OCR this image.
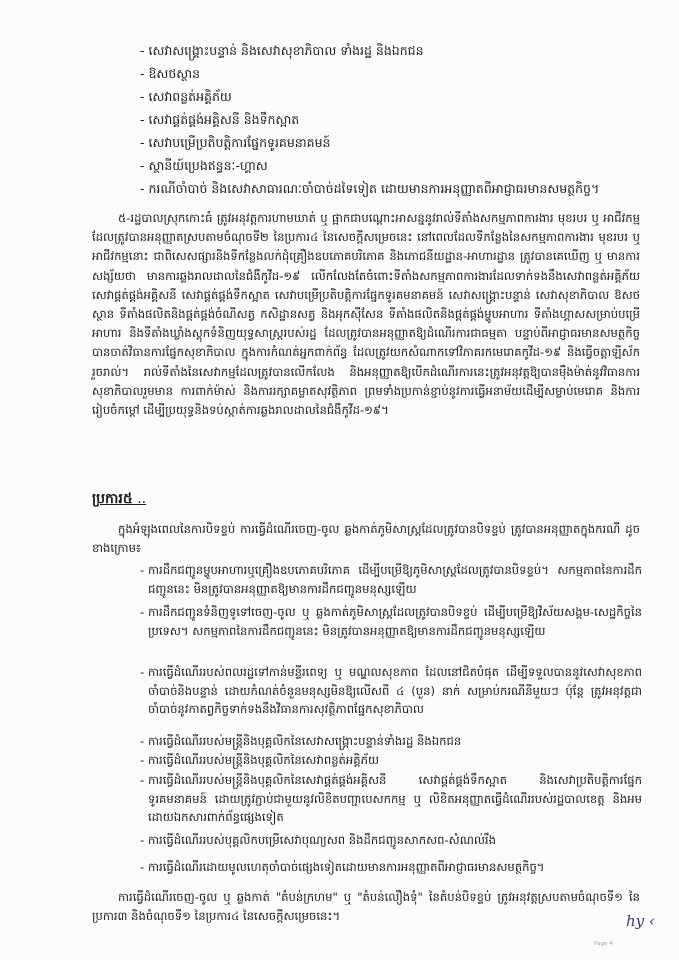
- សេវាសង្គ្រោះបន្ទាន់ និងសេវាសុខាភិបាល ទាំងរដ្ឋ និងឯកជន
- ឱសថស្ថាន
- សេវាពន្លត់អគ្គិភ័យ
- សេវាផ្គត់ផ្គង់អគ្គិសនី និងទឹកស្អាត
- សេវាបម្រើប្រតិបត្តិការផ្នែកទូរគមនាគមន៍
- ស្ថានីយ៍ប្រេងឥន្ធនៈ-ហ្គាស
- ករណីចាំបាច់ និងសេវាសាធារណៈចាំបាច់ដទៃទៀត ដោយមានការអនុញ្ញាតពីអាជ្ញាធរមានសមត្ថកិច្ច។
៥-រដ្ឋបាលស្រុកកោះធំ ត្រូវអនុវត្តការហាមឃាត់ ឬ ផ្អាកជាបណ្តោះអាសន្ននូវរាល់ទីតាំងសកម្មភាពការងារ មុខរបរ ឬ អាជីវកម្ម ដែលត្រូវបានអនុញ្ញាតស្របតាមចំណុចទី២ នៃប្រការ៤ នៃសេចក្តីសម្រេចនេះ នៅពេលដែលទីកន្លែងនៃសកម្មភាពការងារ មុខរបរ ឬ អាជីវកម្មនោះ ជាពិសេសផ្សារនិងទីកន្លែងលក់ដុំគ្រឿងឧបភោគបរិភោគ និងភោជនីយដ្ឋាន-អាហារដ្ឋាន ត្រូវបានគេឃើញ ឬ មានការសង្ស័យថា មានការឆ្លងរាលដាលនៃជំងឺកូវីដ-១៩ លើកលែងតែចំពោះទីតាំងសកម្មភាពការងារដែលទាក់ទងនឹងសេវាពន្លត់អគ្គិភ័យ សេវាផ្គត់ផ្គង់អគ្គិសនី សេវាផ្គត់ផ្គង់ទឹកស្អាត សេវាបម្រើប្រតិបត្តិការផ្នែកទូរគមនាគមន៍ សេវាសង្គ្រោះបន្ទាន់ សេវាសុខាភិបាល ឱសថស្ថាន ទីតាំងផលិតនិងផ្គត់ផ្គង់ចំណីសត្វ កសិដ្ឋានសត្វ និងអុកស៊ីសែន ទីតាំងផលិតនិងផ្គត់ផ្គង់ម្ហូបអាហារ ទីតាំងហ្គាសសម្រាប់បម្រើអាហារ និងទីតាំងឃ្លាំងស្តុកទំនិញយុទ្ធសាស្ត្ររបស់រដ្ឋ ដែលត្រូវបានអនុញ្ញាតឱ្យដំណើរការជាធម្មតា បន្ទាប់ពីអាជ្ញាធរមានសមត្ថកិច្ចបានចាត់វិធានការផ្នែកសុខាភិបាល ក្នុងការកំណត់អ្នកពាក់ព័ន្ធ ដែលត្រូវយកសំណាកទៅវិភាគរកមេរោគកូវីដ-១៩ និងធ្វើចត្តាឡីស័ករួចរាល់។ រាល់ទីតាំងនៃសេវាកម្មដែលត្រូវបានលើកលែង និងអនុញ្ញាតឱ្យបើកដំណើរការនេះត្រូវអនុវត្តឱ្យបានម៉ឺងម៉ាត់នូវវិធានការសុខាភិបាលរួមមាន ការពាក់ម៉ាស់ និងការរក្សាគម្លាតសុវត្ថិភាព ព្រមទាំងប្រកាន់ខ្ជាប់នូវការធ្វើអនាម័យដើម្បីសម្លាប់មេរោគ និងការរៀបចំកម្តៅ ដើម្បីប្រយុទ្ធនិងទប់ស្កាត់ការឆ្លងរាលដាលនៃជំងឺកូវីដ-១៩។
ប្រការ៥ ..
ក្នុងអំឡុងពេលនៃការបិទខ្ទប់ ការធ្វើដំណើរចេញ-ចូល ឆ្លងកាត់ភូមិសាស្ត្រដែលត្រូវបានបិទខ្ទប់ ត្រូវបានអនុញ្ញាតក្នុងករណី ដូចខាងក្រោម៖
- ការដឹកជញ្ជូនម្ហូបអាហារឬគ្រឿងឧបភោគបរិភោគ ដើម្បីបម្រើឱ្យភូមិសាស្ត្រដែលត្រូវបានបិទខ្ទប់។ សកម្មភាពនៃការដឹកជញ្ជូននេះ មិនត្រូវបានអនុញ្ញាតឱ្យមានការដឹកជញ្ជូនមនុស្សឡើយ
- ការដឹកជញ្ជូនទំនិញទូទៅចេញ-ចូល ឬ ឆ្លងកាត់ភូមិសាស្ត្រដែលត្រូវបានបិទខ្ទប់ ដើម្បីបម្រើឱ្យវិស័យសង្គម-សេដ្ឋកិច្ចនៃប្រទេស។ សកម្មភាពនៃការដឹកជញ្ជូននេះ មិនត្រូវបានអនុញ្ញាតឱ្យមានការដឹកជញ្ជូនមនុស្សឡើយ
- ការធ្វើដំណើររបស់ពលរដ្ឋទៅកាន់មន្ទីរពេទ្យ ឬ មណ្ឌលសុខភាព ដែលនៅជិតបំផុត ដើម្បីទទួលបាននូវសេវាសុខភាពចាំបាច់និងបន្ទាន់ ដោយកំណត់ចំនួនមនុស្សមិនឱ្យលើសពី ៤ (បួន) នាក់ សម្រាប់ករណីនីមួយៗ ប៉ុន្តែ ត្រូវអនុវត្តជាចាំបាច់នូវកាតព្វកិច្ចទាក់ទងនឹងវិធានការសុវត្ថិភាពផ្នែកសុខាភិបាល
- ការធ្វើដំណើររបស់មន្ត្រីនិងបុគ្គលិកនៃសេវាសង្គ្រោះបន្ទាន់ទាំងរដ្ឋ និងឯកជន
- ការធ្វើដំណើររបស់មន្ត្រីនិងបុគ្គលិកនៃសេវាពន្លត់អគ្គិភ័យ
- ការធ្វើដំណើររបស់មន្ត្រីនិងបុគ្គលិកនៃសេវាផ្គត់ផ្គង់អគ្គិសនី សេវាផ្គត់ផ្គង់ទឹកស្អាត និងសេវាប្រតិបត្តិការផ្នែកទូរគមនាគមន៍ ដោយត្រូវភ្ជាប់ជាមួយនូវលិខិតបញ្ជាបេសកកម្ម ឬ លិខិតអនុញ្ញាតធ្វើដំណើររបស់រដ្ឋបាលខេត្ត និងអមដោយឯកសារពាក់ព័ន្ធផ្សេងទៀត
- ការធ្វើដំណើររបស់បុគ្គលិកបម្រើសេវាបុណ្យសព និងដឹកជញ្ជូនសាកសព-សំណល់រឹង
- ការធ្វើដំណើរដោយមូលហេតុចាំបាច់ផ្សេងទៀតដោយមានការអនុញ្ញាតពីអាជ្ញាធរមានសមត្ថកិច្ច។
ការធ្វើដំណើរចេញ-ចូល ឬ ឆ្លងកាត់ "តំបន់ក្រហម" ឬ "តំបន់លឿងទុំ" នៃតំបន់បិទខ្ទប់ ត្រូវអនុវត្តស្របតាមចំណុចទី១ នៃប្រការ៣ និងចំណុចទី១ នៃប្រការ៤ នៃសេចក្តីសម្រេចនេះ។	hy ‹
Page 4
